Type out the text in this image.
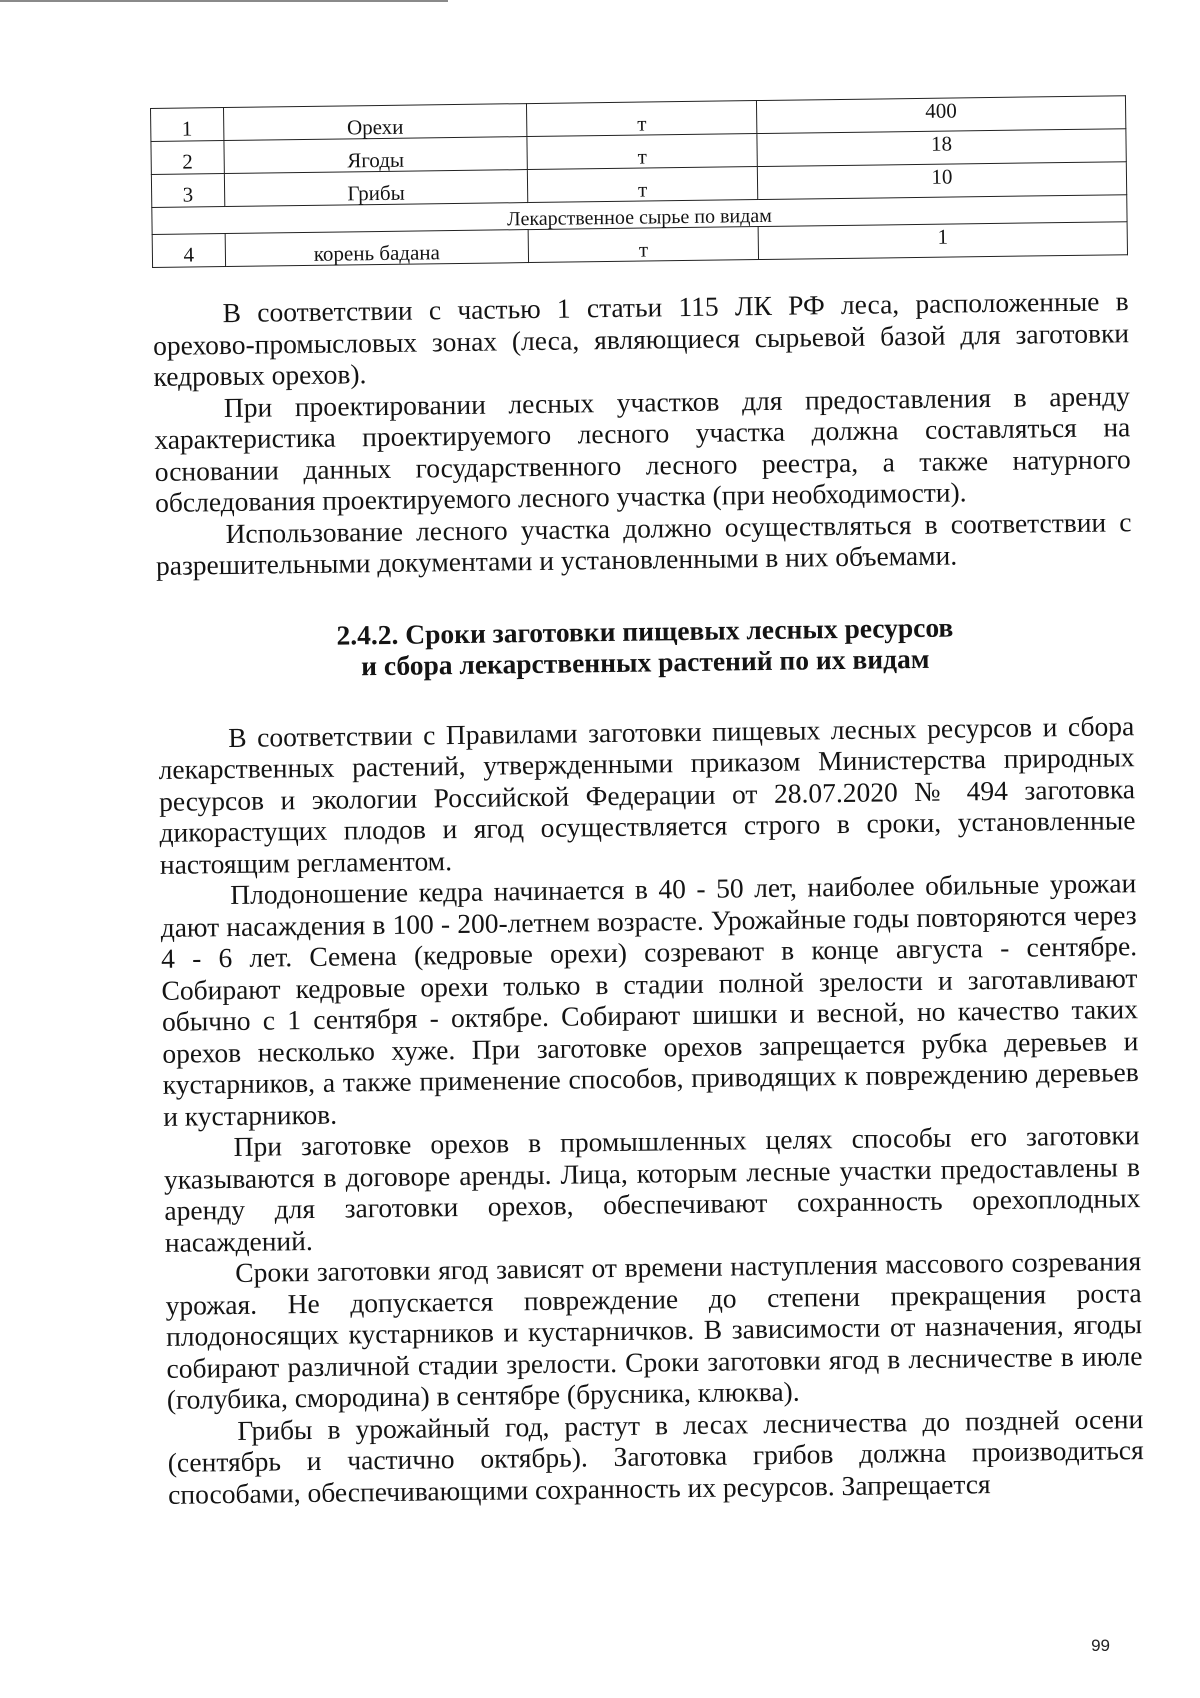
1	Орехи	т	400
2	Ягоды	т	18
3	Грибы	т	10
Лекарственное сырье по видам			
4	корень бадана	т	1

В соответствии с частью 1 статьи 115 ЛК РФ леса, расположенные в орехово-промысловых зонах (леса, являющиеся сырьевой базой для заготовки кедровых орехов).

При проектировании лесных участков для предоставления в аренду характеристика проектируемого лесного участка должна составляться на основании данных государственного лесного реестра, а также натурного обследования проектируемого лесного участка (при необходимости).

Использование лесного участка должно осуществляться в соответствии с разрешительными документами и установленными в них объемами.

2.4.2. Сроки заготовки пищевых лесных ресурсов
и сбора лекарственных растений по их видам

В соответствии с Правилами заготовки пищевых лесных ресурсов и сбора лекарственных растений, утвержденными приказом Министерства природных ресурсов и экологии Российской Федерации от 28.07.2020 № 494 заготовка дикорастущих плодов и ягод осуществляется строго в сроки, установленные настоящим регламентом.

Плодоношение кедра начинается в 40 - 50 лет, наиболее обильные урожаи дают насаждения в 100 - 200-летнем возрасте. Урожайные годы повторяются через 4 - 6 лет. Семена (кедровые орехи) созревают в конце августа - сентябре. Собирают кедровые орехи только в стадии полной зрелости и заготавливают обычно с 1 сентября - октябре. Собирают шишки и весной, но качество таких орехов несколько хуже. При заготовке орехов запрещается рубка деревьев и кустарников, а также применение способов, приводящих к повреждению деревьев и кустарников.

При заготовке орехов в промышленных целях способы его заготовки указываются в договоре аренды. Лица, которым лесные участки предоставлены в аренду для заготовки орехов, обеспечивают сохранность орехоплодных насаждений.

Сроки заготовки ягод зависят от времени наступления массового созревания урожая. Не допускается повреждение до степени прекращения роста плодоносящих кустарников и кустарничков. В зависимости от назначения, ягоды собирают различной стадии зрелости. Сроки заготовки ягод в лесничестве в июле (голубика, смородина) в сентябре (брусника, клюква).

Грибы в урожайный год, растут в лесах лесничества до поздней осени (сентябрь и частично октябрь). Заготовка грибов должна производиться способами, обеспечивающими сохранность их ресурсов. Запрещается

99
